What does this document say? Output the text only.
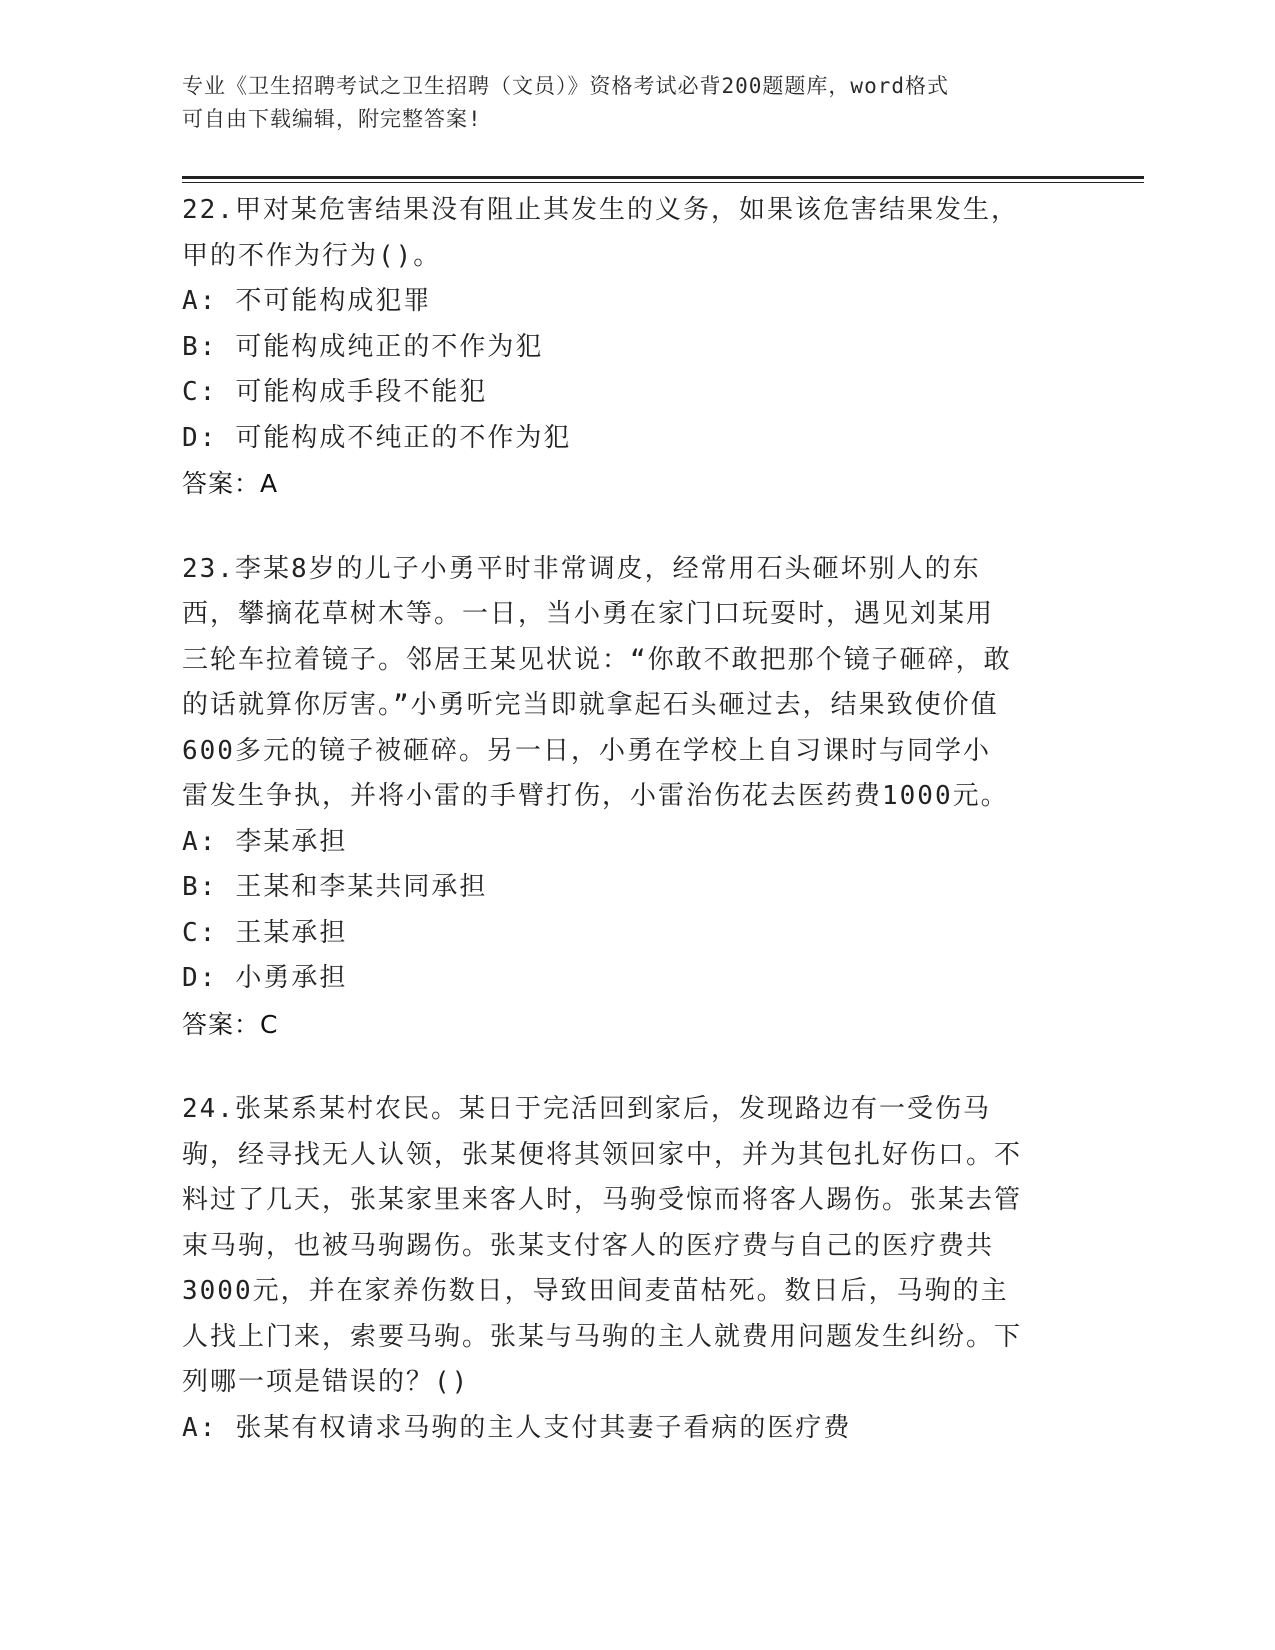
专业《卫生招聘考试之卫生招聘（文员）》资格考试必背200题题库，word格式
可自由下载编辑，附完整答案!

22.甲对某危害结果没有阻止其发生的义务，如果该危害结果发生，甲的不作为行为()。

A: 不可能构成犯罪

B: 可能构成纯正的不作为犯

C: 可能构成手段不能犯

D: 可能构成不纯正的不作为犯

答案：A

23.李某8岁的儿子小勇平时非常调皮，经常用石头砸坏别人的东西，攀摘花草树木等。一日，当小勇在家门口玩耍时，遇见刘某用三轮车拉着镜子。邻居王某见状说：“你敢不敢把那个镜子砸碎，敢的话就算你厉害。”小勇听完当即就拿起石头砸过去，结果致使价值600多元的镜子被砸碎。另一日，小勇在学校上自习课时与同学小雷发生争执，并将小雷的手臂打伤，小雷治伤花去医药费1000元。

A: 李某承担

B: 王某和李某共同承担

C: 王某承担

D: 小勇承担

答案：C

24.张某系某村农民。某日于完活回到家后，发现路边有一受伤马驹，经寻找无人认领，张某便将其领回家中，并为其包扎好伤口。不料过了几天，张某家里来客人时，马驹受惊而将客人踢伤。张某去管束马驹，也被马驹踢伤。张某支付客人的医疗费与自己的医疗费共3000元，并在家养伤数日，导致田间麦苗枯死。数日后，马驹的主人找上门来，索要马驹。张某与马驹的主人就费用问题发生纠纷。下列哪一项是错误的？()

A: 张某有权请求马驹的主人支付其妻子看病的医疗费
